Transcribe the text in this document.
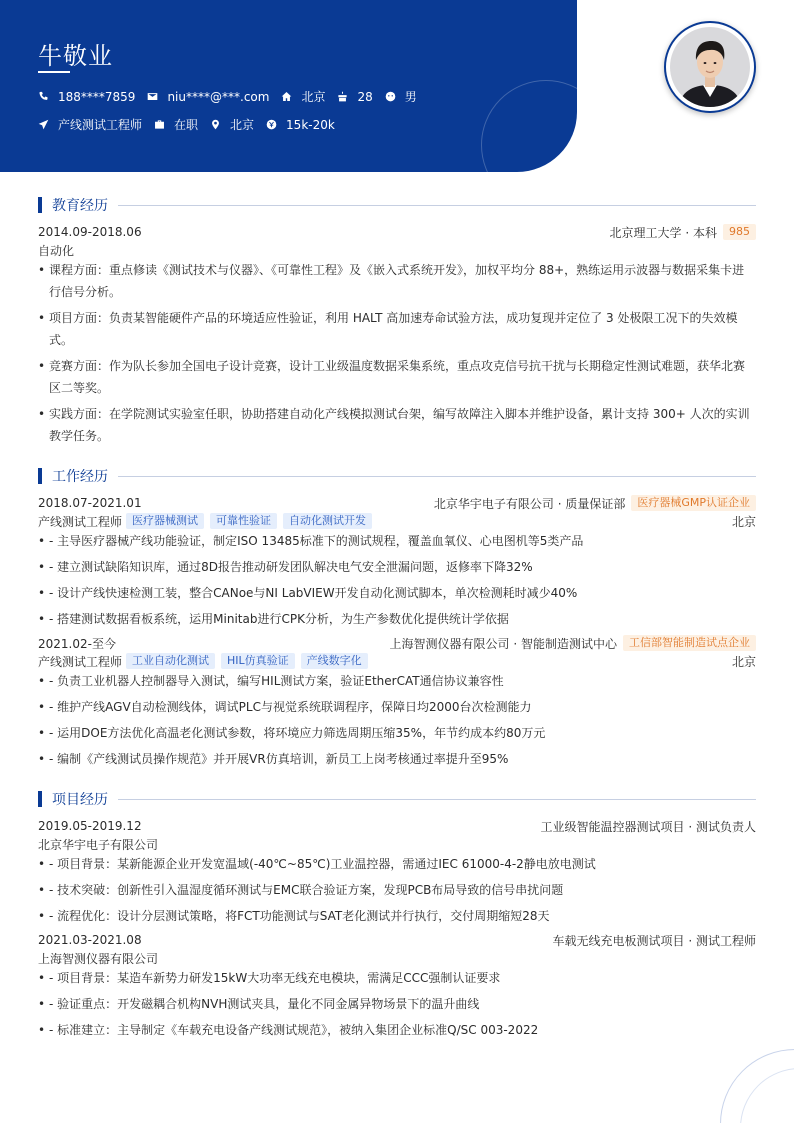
牛敬业
188****7859	niu****@***.com	北京	28	男
产线测试工程师	在职	北京	15k-20k
教育经历
2014.09-2018.06	北京理工大学 · 本科	985
自动化
• 课程方面：重点修读《测试技术与仪器》、《可靠性工程》及《嵌入式系统开发》，加权平均分 88+，熟练运用示波器与数据采集卡进行信号分析。
• 项目方面：负责某智能硬件产品的环境适应性验证，利用 HALT 高加速寿命试验方法，成功复现并定位了 3 处极限工况下的失效模式。
• 竞赛方面：作为队长参加全国电子设计竞赛，设计工业级温度数据采集系统，重点攻克信号抗干扰与长期稳定性测试难题，获华北赛区二等奖。
• 实践方面：在学院测试实验室任职，协助搭建自动化产线模拟测试台架，编写故障注入脚本并维护设备，累计支持 300+ 人次的实训教学任务。
工作经历
2018.07-2021.01	北京华宇电子有限公司 · 质量保证部	医疗器械GMP认证企业
产线测试工程师 医疗器械测试	可靠性验证	自动化测试开发	北京
• - 主导医疗器械产线功能验证，制定ISO 13485标准下的测试规程，覆盖血氧仪、心电图机等5类产品
• - 建立测试缺陷知识库，通过8D报告推动研发团队解决电气安全泄漏问题，返修率下降32%
• - 设计产线快速检测工装，整合CANoe与NI LabVIEW开发自动化测试脚本，单次检测耗时减少40%
• - 搭建测试数据看板系统，运用Minitab进行CPK分析，为生产参数优化提供统计学依据
2021.02-至今	上海智测仪器有限公司 · 智能制造测试中心	工信部智能制造试点企业
产线测试工程师 工业自动化测试	HIL仿真验证	产线数字化	北京
• - 负责工业机器人控制器导入测试，编写HIL测试方案，验证EtherCAT通信协议兼容性
• - 维护产线AGV自动检测线体，调试PLC与视觉系统联调程序，保障日均2000台次检测能力
• - 运用DOE方法优化高温老化测试参数，将环境应力筛选周期压缩35%，年节约成本约80万元
• - 编制《产线测试员操作规范》并开展VR仿真培训，新员工上岗考核通过率提升至95%
项目经历
2019.05-2019.12	工业级智能温控器测试项目 · 测试负责人
北京华宇电子有限公司
• - 项目背景：某新能源企业开发宽温域(-40℃~85℃)工业温控器，需通过IEC 61000-4-2静电放电测试
• - 技术突破：创新性引入温湿度循环测试与EMC联合验证方案，发现PCB布局导致的信号串扰问题
• - 流程优化：设计分层测试策略，将FCT功能测试与SAT老化测试并行执行，交付周期缩短28天
2021.03-2021.08	车载无线充电板测试项目 · 测试工程师
上海智测仪器有限公司
• - 项目背景：某造车新势力研发15kW大功率无线充电模块，需满足CCC强制认证要求
• - 验证重点：开发磁耦合机构NVH测试夹具，量化不同金属异物场景下的温升曲线
• - 标准建立：主导制定《车载充电设备产线测试规范》，被纳入集团企业标准Q/SC 003-2022
